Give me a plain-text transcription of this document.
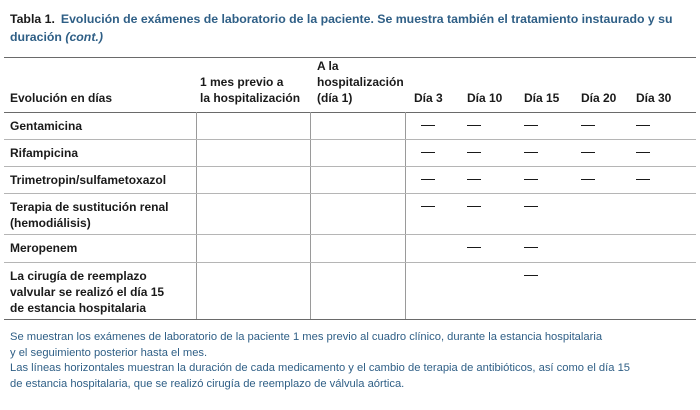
Tabla 1. Evolución de exámenes de laboratorio de la paciente. Se muestra también el tratamiento instaurado y su duración (cont.)
Evolución en días
1 mes previo a
la hospitalización
A la
hospitalización
(día 1)	Día 3 Día 10 Día 15 Día 20 Día 30
Gentamicina
Rifampicina
Trimetropin/sulfametoxazol
Terapia de sustitución renal
(hemodiálisis)
Meropenem
La cirugía de reemplazo
valvular se realizó el día 15
de estancia hospitalaria
Se muestran los exámenes de laboratorio de la paciente 1 mes previo al cuadro clínico, durante la estancia hospitalaria
y el seguimiento posterior hasta el mes.
Las líneas horizontales muestran la duración de cada medicamento y el cambio de terapia de antibióticos, así como el día 15
de estancia hospitalaria, que se realizó cirugía de reemplazo de válvula aórtica.
